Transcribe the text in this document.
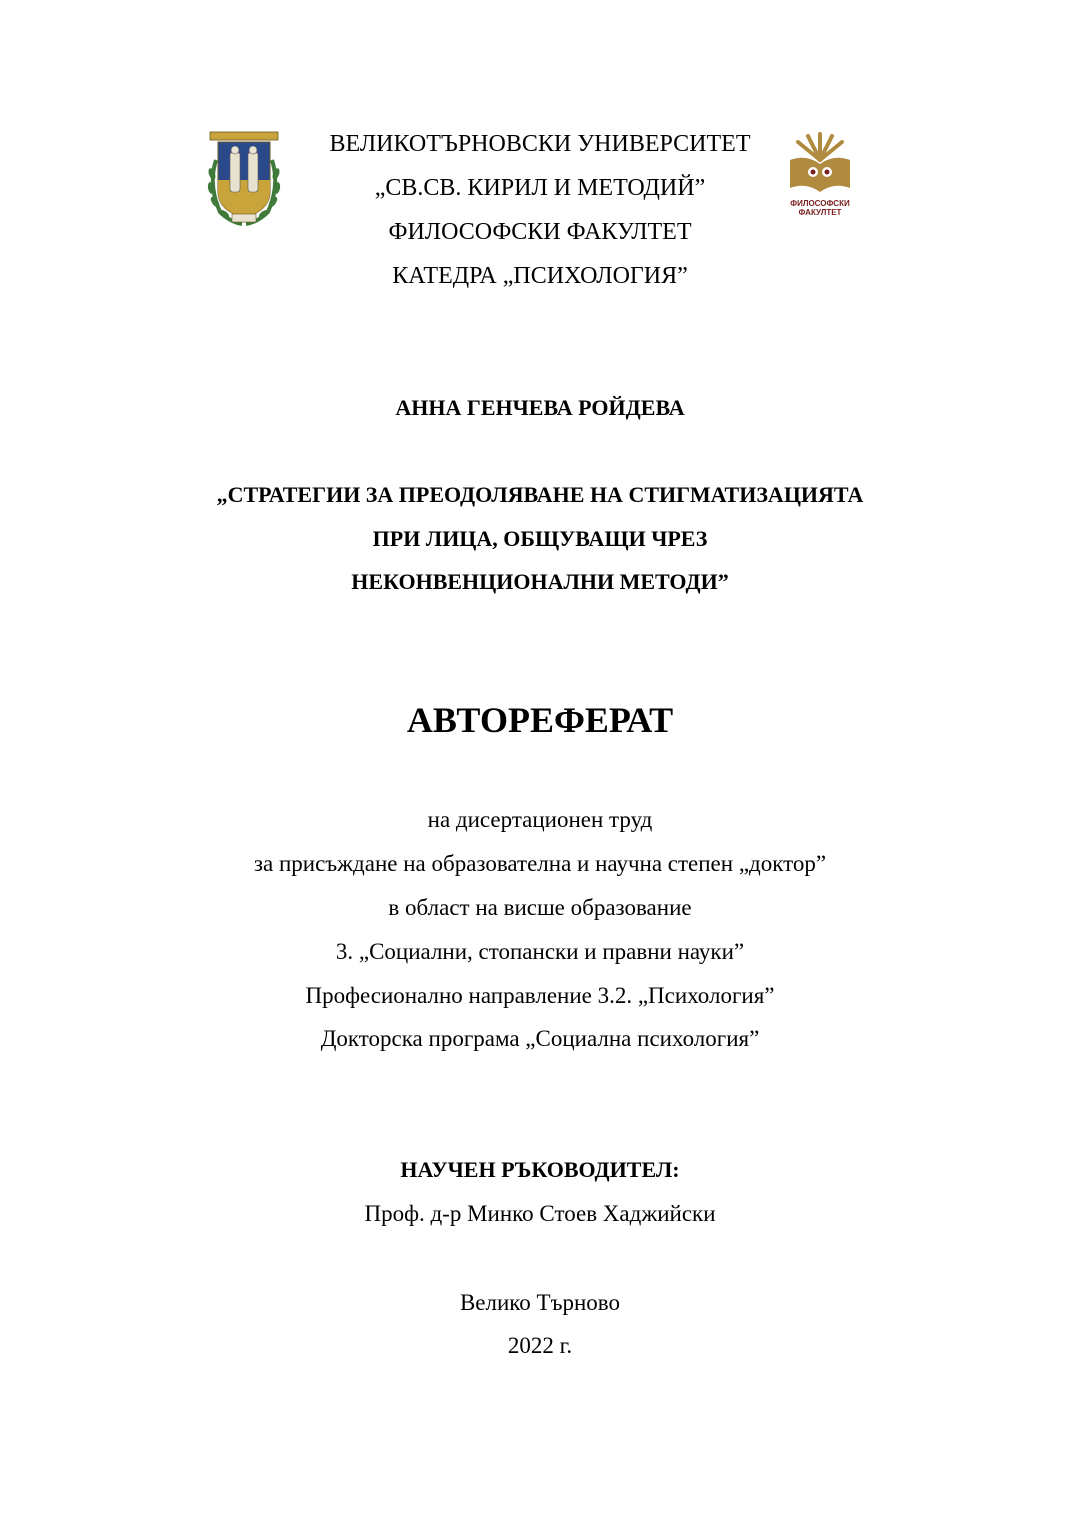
ФИЛОСОФСКИ
ФАКУЛТЕТ
ВЕЛИКОТЪРНОВСКИ УНИВЕРСИТЕТ
„СВ.СВ. КИРИЛ И МЕТОДИЙ”
ФИЛОСОФСКИ ФАКУЛТЕТ
КАТЕДРА „ПСИХОЛОГИЯ”
АННА ГЕНЧЕВА РОЙДЕВА
„СТРАТЕГИИ ЗА ПРЕОДОЛЯВАНЕ НА СТИГМАТИЗАЦИЯТА
ПРИ ЛИЦА, ОБЩУВАЩИ ЧРЕЗ
НЕКОНВЕНЦИОНАЛНИ МЕТОДИ”
АВТОРЕФЕРАТ
на дисертационен труд
за присъждане на образователна и научна степен „доктор”
в област на висше образование
3. „Социални, стопански и правни науки”
Професионално направление 3.2. „Психология”
Докторска програма „Социална психология”
НАУЧЕН РЪКОВОДИТЕЛ:
Проф. д-р Минко Стоев Хаджийски
Велико Търново
2022 г.
